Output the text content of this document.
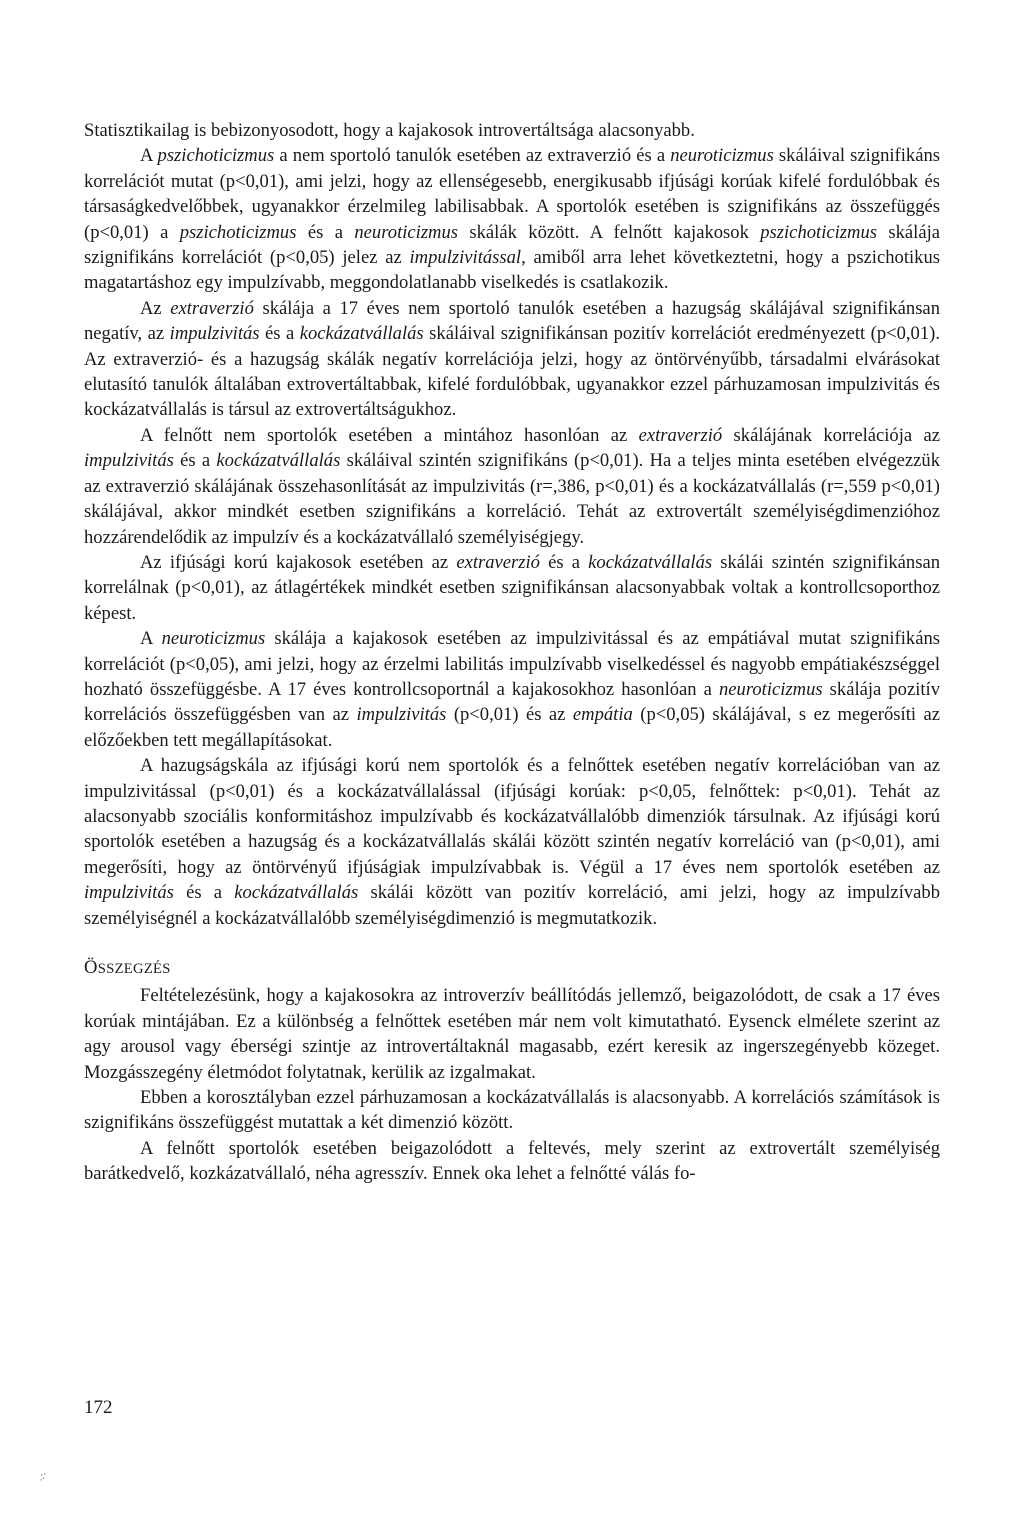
Statisztikailag is bebizonyosodott, hogy a kajakosok introvertáltsága alacsonyabb.

A pszichoticizmus a nem sportoló tanulók esetében az extraverzió és a neuroticizmus skáláival szignifikáns korrelációt mutat (p<0,01), ami jelzi, hogy az ellenségesebb, energikusabb ifjúsági korúak kifelé fordulóbbak és társaságkedvelőbbek, ugyanakkor érzelmileg labilisabbak. A sportolók esetében is szignifikáns az összefüggés (p<0,01) a pszichoticizmus és a neuroticizmus skálák között. A felnőtt kajakosok pszichoticizmus skálája szignifikáns korrelációt (p<0,05) jelez az impulzivitással, amiből arra lehet következtetni, hogy a pszichotikus magatartáshoz egy impulzívabb, meggondolatlanabb viselkedés is csatlakozik.

Az extraverzió skálája a 17 éves nem sportoló tanulók esetében a hazugság skálájával szignifikánsan negatív, az impulzivitás és a kockázatvállalás skáláival szignifikánsan pozitív korrelációt eredményezett (p<0,01). Az extraverzió- és a hazugság skálák negatív korrelációja jelzi, hogy az öntörvényűbb, társadalmi elvárásokat elutasító tanulók általában extrovertáltabbak, kifelé fordulóbbak, ugyanakkor ezzel párhuzamosan impulzivitás és kockázatvállalás is társul az extrovertáltságukhoz.

A felnőtt nem sportolók esetében a mintához hasonlóan az extraverzió skálájának korrelációja az impulzivitás és a kockázatvállalás skáláival szintén szignifikáns (p<0,01). Ha a teljes minta esetében elvégezzük az extraverzió skálájának összehasonlítását az impulzivitás (r=,386, p<0,01) és a kockázatvállalás (r=,559 p<0,01) skálájával, akkor mindkét esetben szignifikáns a korreláció. Tehát az extrovertált személyiségdimenzióhoz hozzárendelődik az impulzív és a kockázatvállaló személyiségjegy.

Az ifjúsági korú kajakosok esetében az extraverzió és a kockázatvállalás skálái szintén szignifikánsan korrelálnak (p<0,01), az átlagértékek mindkét esetben szignifikánsan alacsonyabbak voltak a kontrollcsoporthoz képest.

A neuroticizmus skálája a kajakosok esetében az impulzivitással és az empátiával mutat szignifikáns korrelációt (p<0,05), ami jelzi, hogy az érzelmi labilitás impulzívabb viselkedéssel és nagyobb empátiakészséggel hozható összefüggésbe. A 17 éves kontrollcsoportnál a kajakosokhoz hasonlóan a neuroticizmus skálája pozitív korrelációs összefüggésben van az impulzivitás (p<0,01) és az empátia (p<0,05) skálájával, s ez megerősíti az előzőekben tett megállapításokat.

A hazugságskála az ifjúsági korú nem sportolók és a felnőttek esetében negatív korrelációban van az impulzivitással (p<0,01) és a kockázatvállalással (ifjúsági korúak: p<0,05, felnőttek: p<0,01). Tehát az alacsonyabb szociális konformitáshoz impulzívabb és kockázatvállalóbb dimenziók társulnak. Az ifjúsági korú sportolók esetében a hazugság és a kockázatvállalás skálái között szintén negatív korreláció van (p<0,01), ami megerősíti, hogy az öntörvényű ifjúságiak impulzívabbak is. Végül a 17 éves nem sportolók esetében az impulzivitás és a kockázatvállalás skálái között van pozitív korreláció, ami jelzi, hogy az impulzívabb személyiségnél a kockázatvállalóbb személyiségdimenzió is megmutatkozik.

ÖSSZEGZÉS

Feltételezésünk, hogy a kajakosokra az introverzív beállítódás jellemző, beigazolódott, de csak a 17 éves korúak mintájában. Ez a különbség a felnőttek esetében már nem volt kimutatható. Eysenck elmélete szerint az agy arousol vagy éberségi szintje az introvertáltaknál magasabb, ezért keresik az ingerszegényebb közeget. Mozgásszegény életmódot folytatnak, kerülik az izgalmakat.

Ebben a korosztályban ezzel párhuzamosan a kockázatvállalás is alacsonyabb. A korrelációs számítások is szignifikáns összefüggést mutattak a két dimenzió között.

A felnőtt sportolók esetében beigazolódott a feltevés, mely szerint az extrovertált személyiség barátkedvelő, kozkázatvállaló, néha agresszív. Ennek oka lehet a felnőtté válás fo-

172
.:·
